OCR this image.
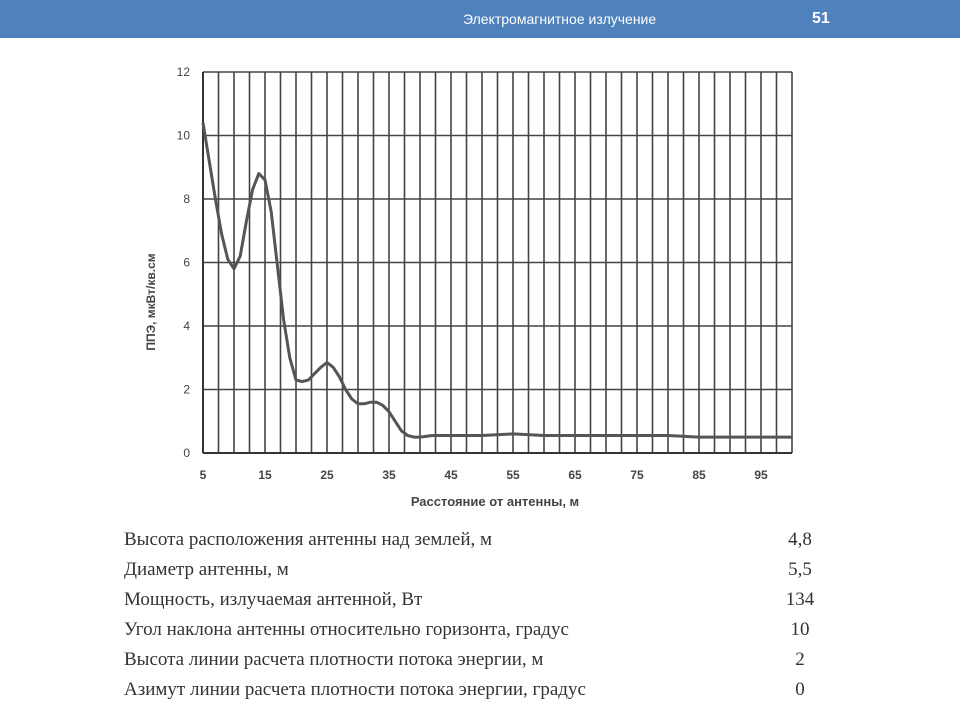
Электромагнитное излучение	51
5	15	25	35	45	55	65	75	85	95
0
2
4
6
8
10
12
Расстояние от антенны, м
ППЭ, мкВт/кв.см
Высота расположения антенны над землей, м	4,8
Диаметр антенны, м	5,5
Мощность, излучаемая антенной, Вт	134
Угол наклона антенны относительно горизонта, градус	10
Высота линии расчета плотности потока энергии, м	2
Азимут линии расчета плотности потока энергии, градус	0
